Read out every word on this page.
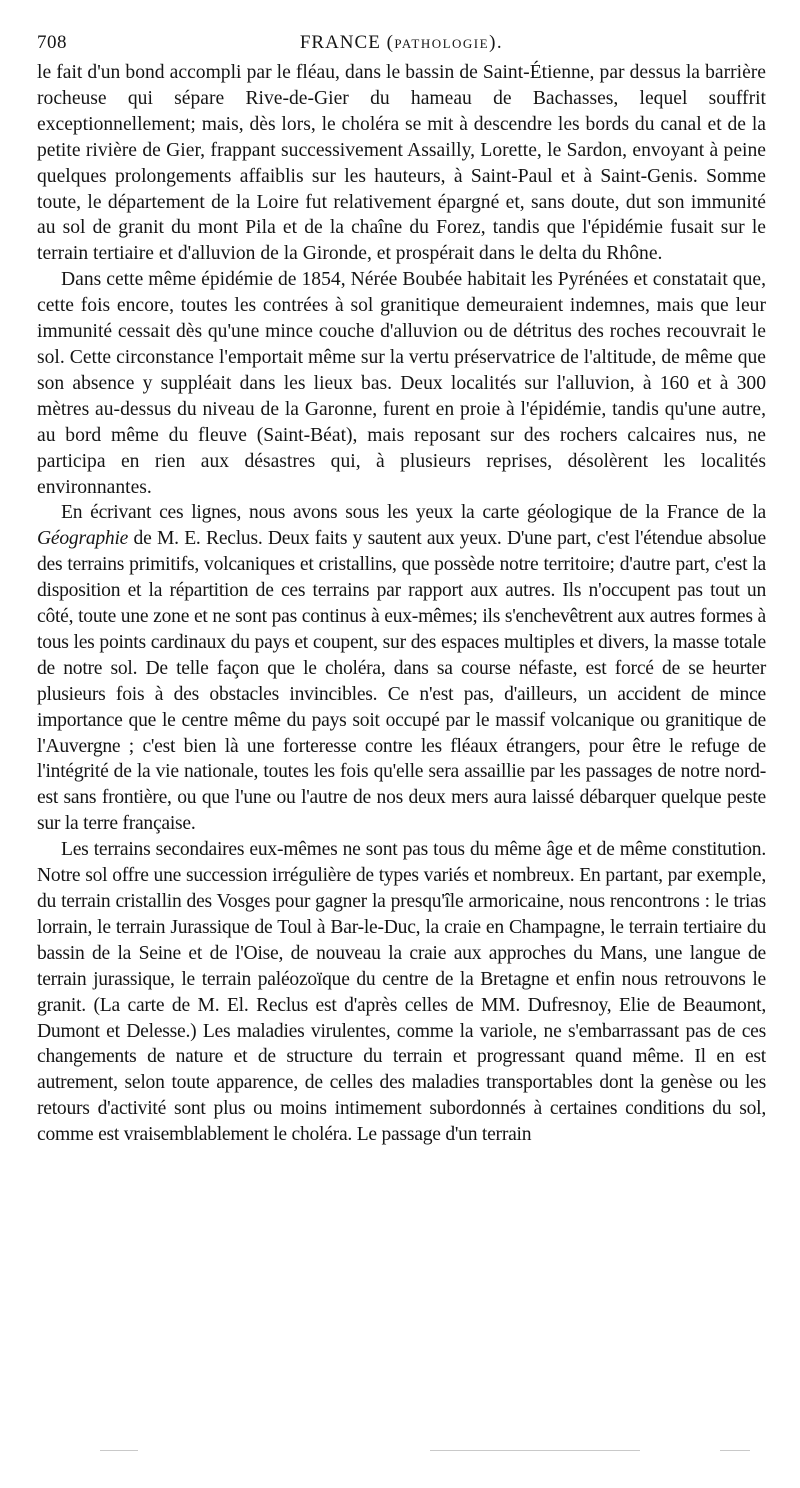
708	FRANCE (pathologie).

le fait d'un bond accompli par le fléau, dans le bassin de Saint-Étienne, par dessus la barrière rocheuse qui sépare Rive-de-Gier du hameau de Bachasses, lequel souffrit exceptionnellement; mais, dès lors, le choléra se mit à descendre les bords du canal et de la petite rivière de Gier, frappant successivement Assailly, Lorette, le Sardon, envoyant à peine quelques prolongements affaiblis sur les hauteurs, à Saint-Paul et à Saint-Genis. Somme toute, le département de la Loire fut relativement épargné et, sans doute, dut son immunité au sol de granit du mont Pila et de la chaîne du Forez, tandis que l'épidémie fusait sur le terrain tertiaire et d'alluvion de la Gironde, et prospérait dans le delta du Rhône.

Dans cette même épidémie de 1854, Nérée Boubée habitait les Pyrénées et constatait que, cette fois encore, toutes les contrées à sol granitique demeuraient indemnes, mais que leur immunité cessait dès qu'une mince couche d'alluvion ou de détritus des roches recouvrait le sol. Cette circonstance l'emportait même sur la vertu préservatrice de l'altitude, de même que son absence y suppléait dans les lieux bas. Deux localités sur l'alluvion, à 160 et à 300 mètres au-dessus du niveau de la Garonne, furent en proie à l'épidémie, tandis qu'une autre, au bord même du fleuve (Saint-Béat), mais reposant sur des rochers calcaires nus, ne participa en rien aux désastres qui, à plusieurs reprises, désolèrent les localités environnantes.

En écrivant ces lignes, nous avons sous les yeux la carte géologique de la France de la Géographie de M. E. Reclus. Deux faits y sautent aux yeux. D'une part, c'est l'étendue absolue des terrains primitifs, volcaniques et cristallins, que possède notre territoire; d'autre part, c'est la disposition et la répartition de ces terrains par rapport aux autres. Ils n'occupent pas tout un côté, toute une zone et ne sont pas continus à eux-mêmes; ils s'enchevêtrent aux autres formes à tous les points cardinaux du pays et coupent, sur des espaces multiples et divers, la masse totale de notre sol. De telle façon que le choléra, dans sa course néfaste, est forcé de se heurter plusieurs fois à des obstacles invincibles. Ce n'est pas, d'ailleurs, un accident de mince importance que le centre même du pays soit occupé par le massif volcanique ou granitique de l'Auvergne ; c'est bien là une forteresse contre les fléaux étrangers, pour être le refuge de l'intégrité de la vie nationale, toutes les fois qu'elle sera assaillie par les passages de notre nord-est sans frontière, ou que l'une ou l'autre de nos deux mers aura laissé débarquer quelque peste sur la terre française.

Les terrains secondaires eux-mêmes ne sont pas tous du même âge et de même constitution. Notre sol offre une succession irrégulière de types variés et nombreux. En partant, par exemple, du terrain cristallin des Vosges pour gagner la presqu'île armoricaine, nous rencontrons : le trias lorrain, le terrain Jurassique de Toul à Bar-le-Duc, la craie en Champagne, le terrain tertiaire du bassin de la Seine et de l'Oise, de nouveau la craie aux approches du Mans, une langue de terrain jurassique, le terrain paléozoïque du centre de la Bretagne et enfin nous retrouvons le granit. (La carte de M. El. Reclus est d'après celles de MM. Dufresnoy, Elie de Beaumont, Dumont et Delesse.) Les maladies virulentes, comme la variole, ne s'embarrassant pas de ces changements de nature et de structure du terrain et progressant quand même. Il en est autrement, selon toute apparence, de celles des maladies transportables dont la genèse ou les retours d'activité sont plus ou moins intimement subordonnés à certaines conditions du sol, comme est vraisemblablement le choléra. Le passage d'un terrain
